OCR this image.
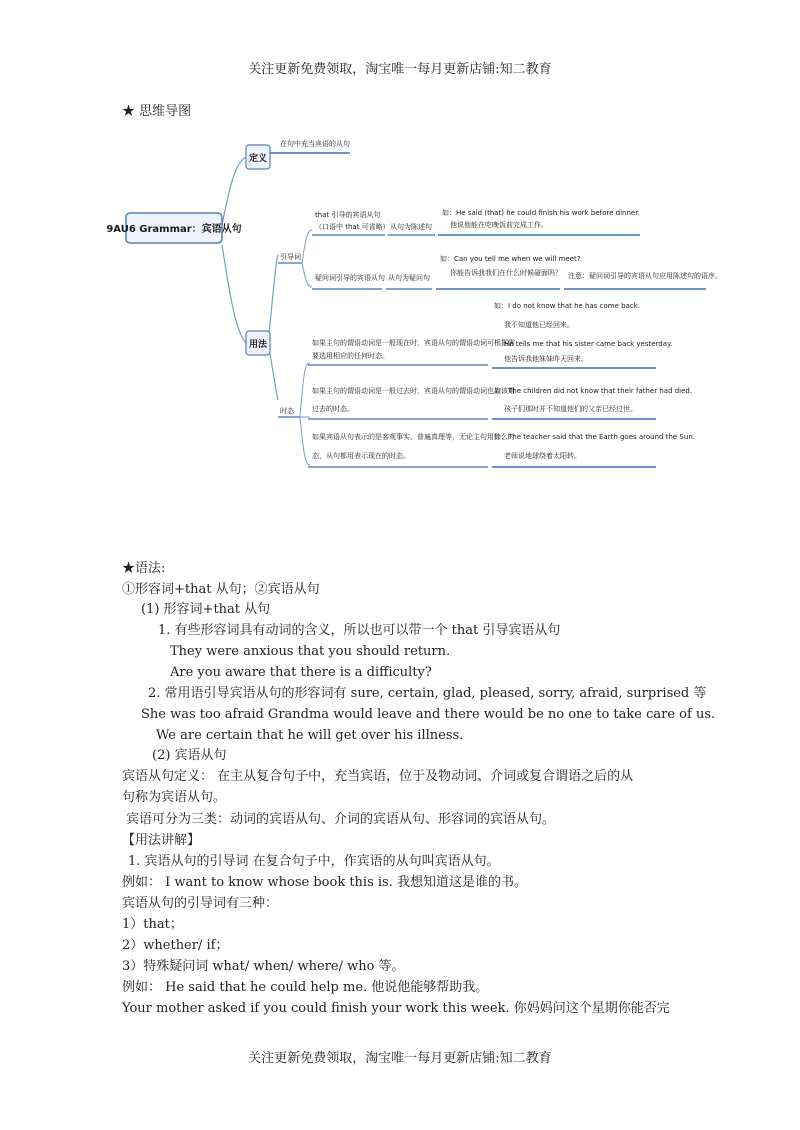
关注更新免费领取，淘宝唯一每月更新店铺:知二教育
★ 思维导图
9AU6 Grammar：宾语从句
定义
在句中充当宾语的从句
用法
引导词
that 引导的宾语从句
（口语中 that 可省略） 从句为陈述句
如：He said (that) he could finish his work before dinner.
他说他能在吃晚饭前完成工作。
疑问词引导的宾语从句 从句为疑问句
如：Can you tell me when we will meet?
你能告诉我我们在什么时候碰面吗？ 注意：疑问词引导的宾语从句应用陈述句的语序。
时态
如果主句的谓语动词是一般现在时，宾语从句的谓语动词可根据需
要选用相应的任何时态。
如：I do not know that he has come back.
我不知道他已经回来。
He tells me that his sister came back yesterday.
他告诉我他妹妹昨天回来。
如果主句的谓语动词是一般过去时，宾语从句的谓语动词也应该用
过去的时态。
如：The children did not know that their father had died.
孩子们那时并不知道他们的父亲已经过世。
如果宾语从句表示的是客观事实、普遍真理等，无论主句用什么时
态，从句都用表示现在的时态。
如：The teacher said that the Earth goes around the Sun.
老师说地球绕着太阳转。
★语法:
①形容词+that 从句；②宾语从句
(1) 形容词+that 从句
1. 有些形容词具有动词的含义，所以也可以带一个 that 引导宾语从句
They were anxious that you should return.
Are you aware that there is a difficulty?
2. 常用语引导宾语从句的形容词有 sure, certain, glad, pleased, sorry, afraid, surprised 等
She was too afraid Grandma would leave and there would be no one to take care of us.
We are certain that he will get over his illness.
(2) 宾语从句
宾语从句定义： 在主从复合句子中，充当宾语，位于及物动词、介词或复合谓语之后的从
句称为宾语从句。
宾语可分为三类：动词的宾语从句、介词的宾语从句、形容词的宾语从句。
【用法讲解】
1. 宾语从句的引导词 在复合句子中，作宾语的从句叫宾语从句。
例如： I want to know whose book this is. 我想知道这是谁的书。
宾语从句的引导词有三种：
1）that；
2）whether/ if；
3）特殊疑问词 what/ when/ where/ who 等。
例如： He said that he could help me. 他说他能够帮助我。
Your mother asked if you could finish your work this week. 你妈妈问这个星期你能否完
关注更新免费领取，淘宝唯一每月更新店铺:知二教育
